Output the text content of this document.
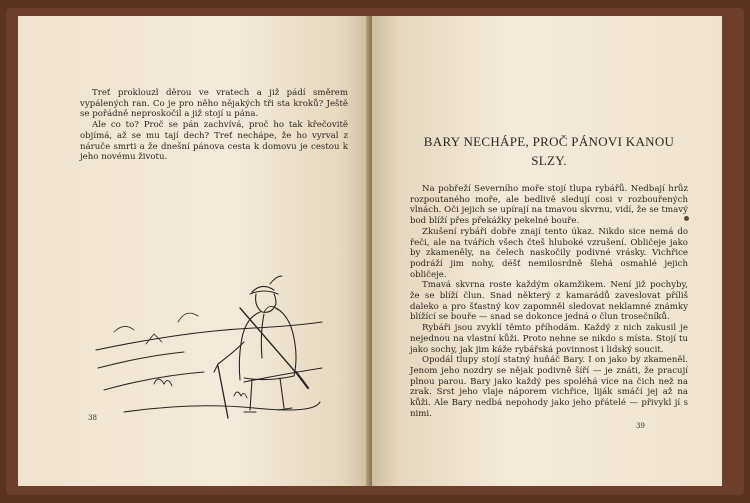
Treť proklouzl děrou ve vratech a již pádí směrem vypálených ran. Co je pro něho nějakých tři sta kroků? Ještě se pořádně neproskočil a již stojí u pána.

Ale co to? Proč se pán zachvívá, proč ho tak křečovitě objímá, až se mu tají dech? Treť nechápe, že ho vyrval z náruče smrti a že dnešní pánova cesta k domovu je cestou k jeho novému životu.

38
BARY NECHÁPE, PROČ PÁNOVI KANOU SLZY.

Na pobřeží Severního moře stojí tlupa rybářů. Nedbají hrůz rozpoutaného moře, ale bedlivě sledují cosi v rozbouřených vlnách. Oči jejich se upírají na tmavou skvrnu, vidí, že se tmavý bod blíží přes překážky pekelné bouře.

Zkušení rybáři dobře znají tento úkaz. Nikdo sice nemá do řeči, ale na tvářích všech čteš hluboké vzrušení. Obličeje jako by zkameněly, na čelech naskočily podivné vrásky. Vichřice podráží jim nohy, déšť nemilosrdně šlehá osmahlé jejich obličeje.

Tmavá skvrna roste každým okamžikem. Není již pochyby, že se blíží člun. Snad některý z kamarádů zaveslovat příliš daleko a pro šťastný kov zapomněl sledovat neklamné známky blížící se bouře — snad se dokonce jedná o člun trosečníků.

Rybáři jsou zvyklí těmto příhodám. Každý z nich zakusil je nejednou na vlastní kůži. Proto nehne se nikdo s místa. Stojí tu jako sochy, jak jim káže rybářská povinnost i lidský soucit.

Opodál tlupy stojí statný huňáč Bary. I on jako by zkameněl. Jenom jeho nozdry se nějak podivně šíří — je znáti, že pracují plnou parou. Bary jako každý pes spoléhá více na čich než na zrak. Srst jeho vlaje náporem vichřice, liják smáčí jej až na kůži. Ale Bary nedbá nepohody jako jeho přátelé — přivykl jí s nimi.

39
